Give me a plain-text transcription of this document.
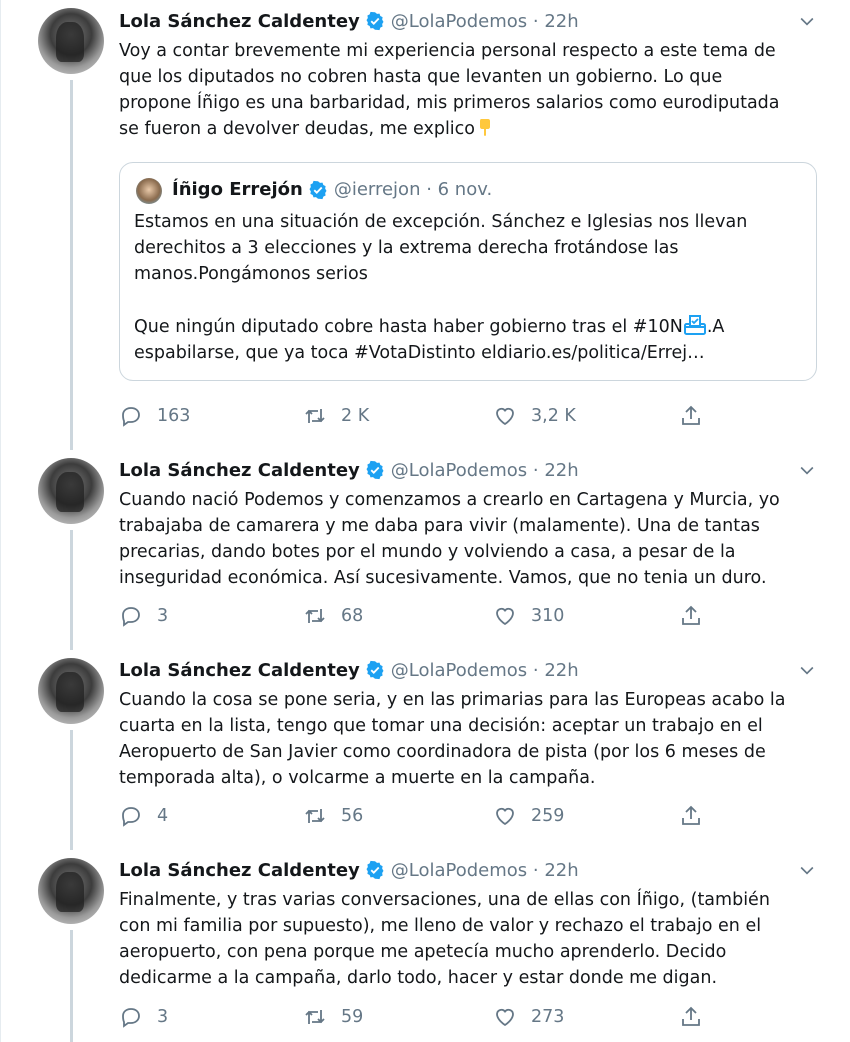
Lola Sánchez Caldentey @LolaPodemos · 22h

Voy a contar brevemente mi experiencia personal respecto a este tema de

que los diputados no cobren hasta que levanten un gobierno. Lo que

propone Íñigo es una barbaridad, mis primeros salarios como eurodiputada

se fueron a devolver deudas, me explico

Íñigo Errejón @ierrejon · 6 nov.

Estamos en una situación de excepción. Sánchez e Iglesias nos llevan

derechitos a 3 elecciones y la extrema derecha frotándose las

manos.Pongámonos serios

Que ningún diputado cobre hasta haber gobierno tras el #10N .A

espabilarse, que ya toca #VotaDistinto eldiario.es/politica/Errej…

163	2 K	3,2 K
Lola Sánchez Caldentey @LolaPodemos · 22h

Cuando nació Podemos y comenzamos a crearlo en Cartagena y Murcia, yo

trabajaba de camarera y me daba para vivir (malamente). Una de tantas

precarias, dando botes por el mundo y volviendo a casa, a pesar de la

inseguridad económica. Así sucesivamente. Vamos, que no tenia un duro.

3	68	310
Lola Sánchez Caldentey @LolaPodemos · 22h

Cuando la cosa se pone seria, y en las primarias para las Europeas acabo la

cuarta en la lista, tengo que tomar una decisión: aceptar un trabajo en el

Aeropuerto de San Javier como coordinadora de pista (por los 6 meses de

temporada alta), o volcarme a muerte en la campaña.

4	56	259
Lola Sánchez Caldentey @LolaPodemos · 22h

Finalmente, y tras varias conversaciones, una de ellas con Íñigo, (también

con mi familia por supuesto), me lleno de valor y rechazo el trabajo en el

aeropuerto, con pena porque me apetecía mucho aprenderlo. Decido

dedicarme a la campaña, darlo todo, hacer y estar donde me digan.

3	59	273
